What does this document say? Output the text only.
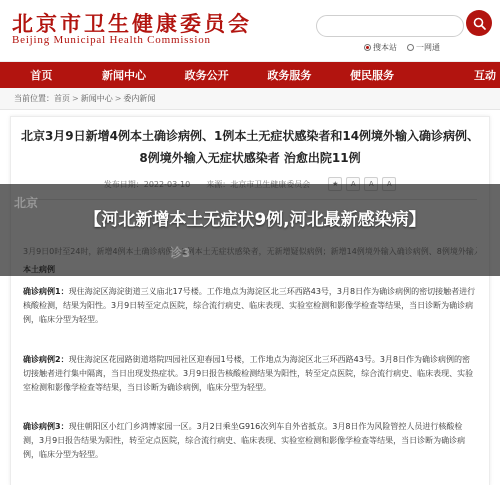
北京市卫生健康委员会
Beijing Municipal Health Commission
搜本站 一网通
首页	新闻中心	政务公开	政务服务	便民服务	互动
当前位置： 首页 > 新闻中心 > 委内新闻
北京3月9日新增4例本土确诊病例、1例本土无症状感染者和14例境外输入确诊病例、8例境外输入无症状感染者 治愈出院11例
确诊病例1：现住海淀区海淀街道三义庙北17号楼。工作地点为海淀区北三环西路43号，3月8日作为确诊病例的密切接触者进行核酸检测，结果为阳性。3月9日转至定点医院，综合流行病史、临床表现、实验室检测和影像学检查等结果，当日诊断为确诊病例，临床分型为轻型。
确诊病例2：现住海淀区花园路街道塔院四园社区迎春园1号楼，工作地点为海淀区北三环西路43号。3月8日作为确诊病例的密切接触者进行集中隔离，当日出现发热症状。3月9日报告核酸检测结果为阳性，转至定点医院，综合流行病史、临床表现、实验室检测和影像学检查等结果，当日诊断为确诊病例，临床分型为轻型。
确诊病例3：现住朝阳区小红门乡鸿博家园一区。3月2日乘坐G916次列车自外省抵京。3月8日作为风险管控人员进行核酸检测，3月9日报告结果为阳性，转至定点医院，综合流行病史、临床表现、实验室检测和影像学检查等结果，当日诊断为确诊病例，临床分型为轻型。
北京
诊3
【河北新增本土无症状9例,河北最新感染病】
